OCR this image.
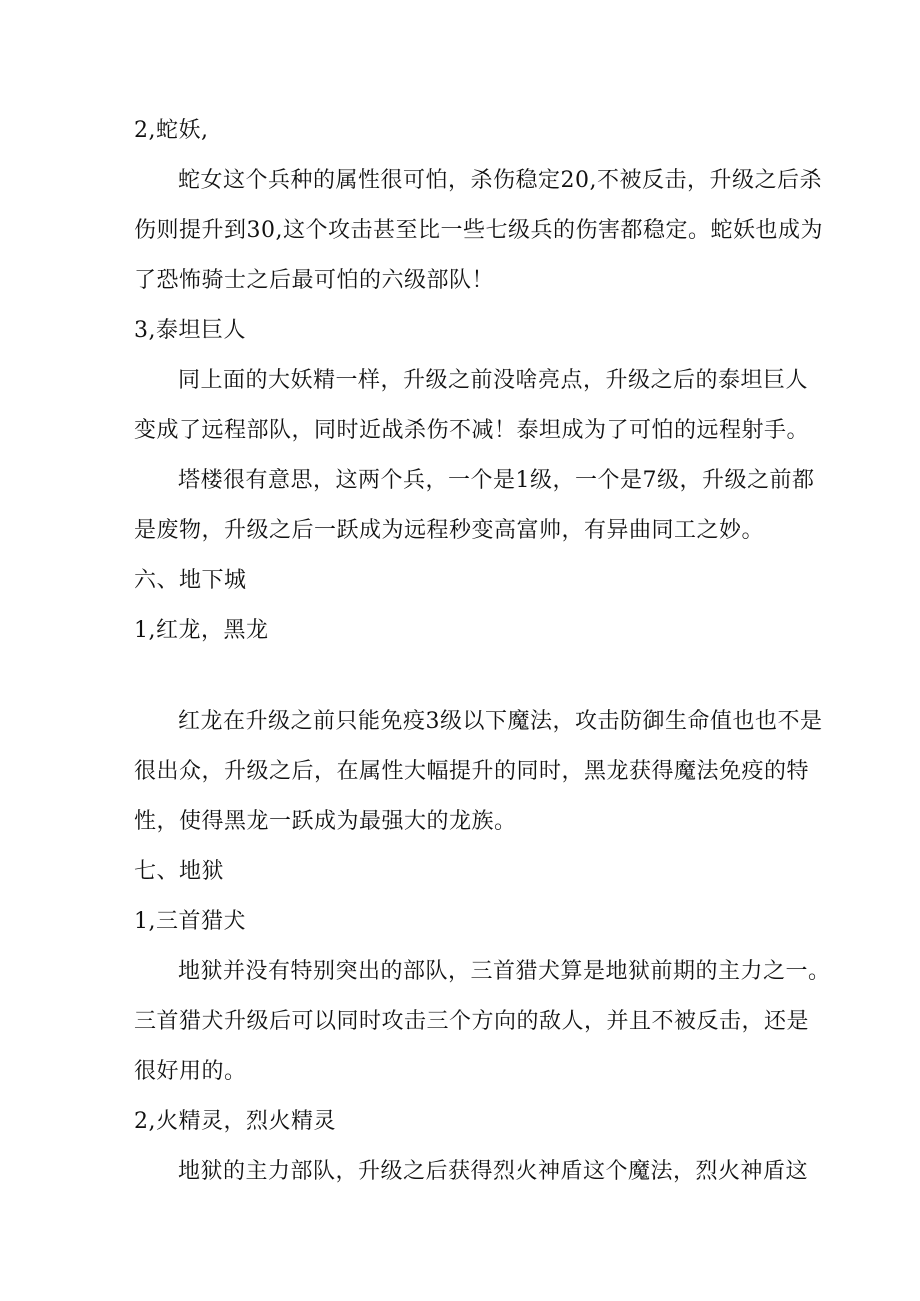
2,蛇妖,
蛇女这个兵种的属性很可怕，杀伤稳定20,不被反击，升级之后杀
伤则提升到30,这个攻击甚至比一些七级兵的伤害都稳定。蛇妖也成为
了恐怖骑士之后最可怕的六级部队！
3,泰坦巨人
同上面的大妖精一样，升级之前没啥亮点，升级之后的泰坦巨人
变成了远程部队，同时近战杀伤不减！泰坦成为了可怕的远程射手。
塔楼很有意思，这两个兵，一个是1级，一个是7级，升级之前都
是废物，升级之后一跃成为远程秒变高富帅，有异曲同工之妙。
六、地下城
1,红龙，黑龙
红龙在升级之前只能免疫3级以下魔法，攻击防御生命值也也不是
很出众，升级之后，在属性大幅提升的同时，黑龙获得魔法免疫的特
性，使得黑龙一跃成为最强大的龙族。
七、地狱
1,三首猎犬
地狱并没有特别突出的部队，三首猎犬算是地狱前期的主力之一。
三首猎犬升级后可以同时攻击三个方向的敌人，并且不被反击，还是
很好用的。
2,火精灵，烈火精灵
地狱的主力部队，升级之后获得烈火神盾这个魔法，烈火神盾这
